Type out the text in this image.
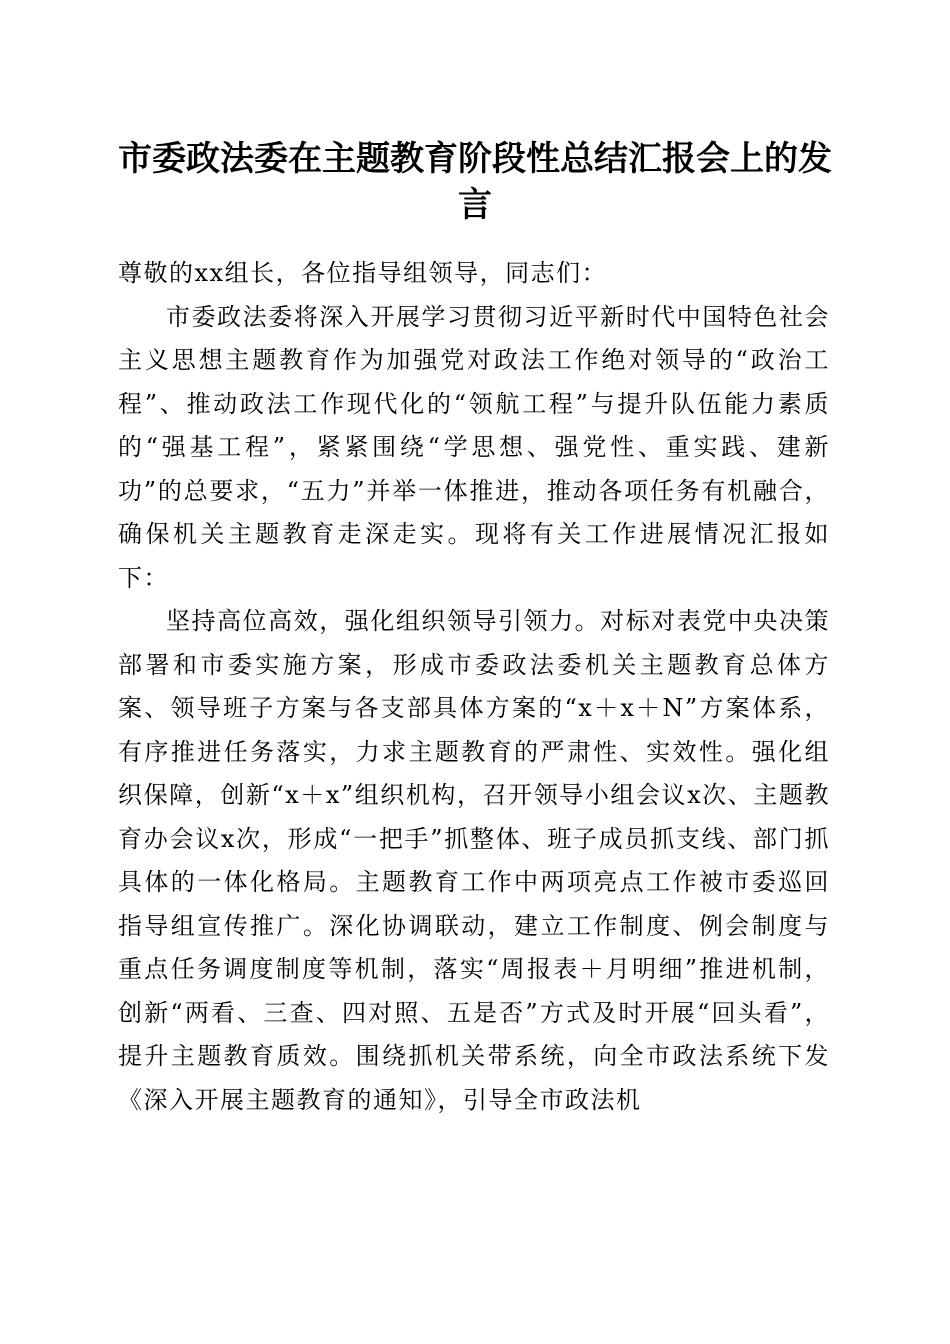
市委政法委在主题教育阶段性总结汇报会上的发言

尊敬的xx组长，各位指导组领导，同志们：

市委政法委将深入开展学习贯彻习近平新时代中国特色社会主义思想主题教育作为加强党对政法工作绝对领导的“政治工程”、推动政法工作现代化的“领航工程”与提升队伍能力素质的“强基工程”，紧紧围绕“学思想、强党性、重实践、建新功”的总要求，“五力”并举一体推进，推动各项任务有机融合，确保机关主题教育走深走实。现将有关工作进展情况汇报如下：

坚持高位高效，强化组织领导引领力。对标对表党中央决策部署和市委实施方案，形成市委政法委机关主题教育总体方案、领导班子方案与各支部具体方案的“x＋x＋N”方案体系，有序推进任务落实，力求主题教育的严肃性、实效性。强化组织保障，创新“x＋x”组织机构，召开领导小组会议x次、主题教育办会议x次，形成“一把手”抓整体、班子成员抓支线、部门抓具体的一体化格局。主题教育工作中两项亮点工作被市委巡回指导组宣传推广。深化协调联动，建立工作制度、例会制度与重点任务调度制度等机制，落实“周报表＋月明细”推进机制，创新“两看、三查、四对照、五是否”方式及时开展“回头看”，提升主题教育质效。围绕抓机关带系统，向全市政法系统下发《深入开展主题教育的通知》，引导全市政法机
